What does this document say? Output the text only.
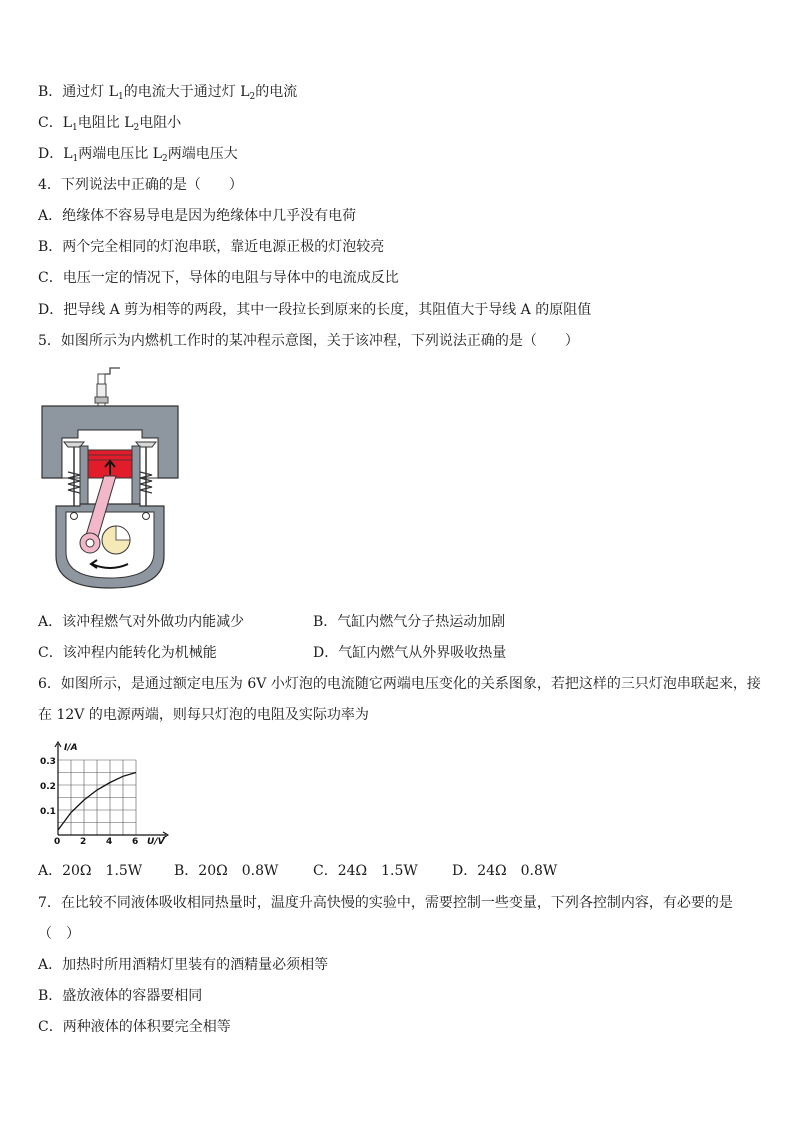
B．通过灯 $L_1$的电流大于通过灯 $L_2$的电流
C．$L_1$电阻比 $L_2$电阻小
D．$L_1$两端电压比 $L_2$两端电压大
4．下列说法中正确的是（　　）
A．绝缘体不容易导电是因为绝缘体中几乎没有电荷
B．两个完全相同的灯泡串联，靠近电源正极的灯泡较亮
C．电压一定的情况下，导体的电阻与导体中的电流成反比
D．把导线 A 剪为相等的两段，其中一段拉长到原来的长度，其阻值大于导线 A 的原阻值
5．如图所示为内燃机工作时的某冲程示意图，关于该冲程，下列说法正确的是（　　）
A．该冲程燃气对外做功内能减少	B．气缸内燃气分子热运动加剧
C．该冲程内能转化为机械能	D．气缸内燃气从外界吸收热量
6．如图所示，是通过额定电压为 6V 小灯泡的电流随它两端电压变化的关系图象，若把这样的三只灯泡串联起来，接
在 12V 的电源两端，则每只灯泡的电阻及实际功率为
I/A
U/V
0 2 4 6
0.1
0.2
0.3
A．20Ω　1.5W B．20Ω　0.8W C．24Ω　1.5W D．24Ω　0.8W
7．在比较不同液体吸收相同热量时，温度升高快慢的实验中，需要控制一些变量，下列各控制内容，有必要的是
（　）
A．加热时所用酒精灯里装有的酒精量必须相等
B．盛放液体的容器要相同
C．两种液体的体积要完全相等
